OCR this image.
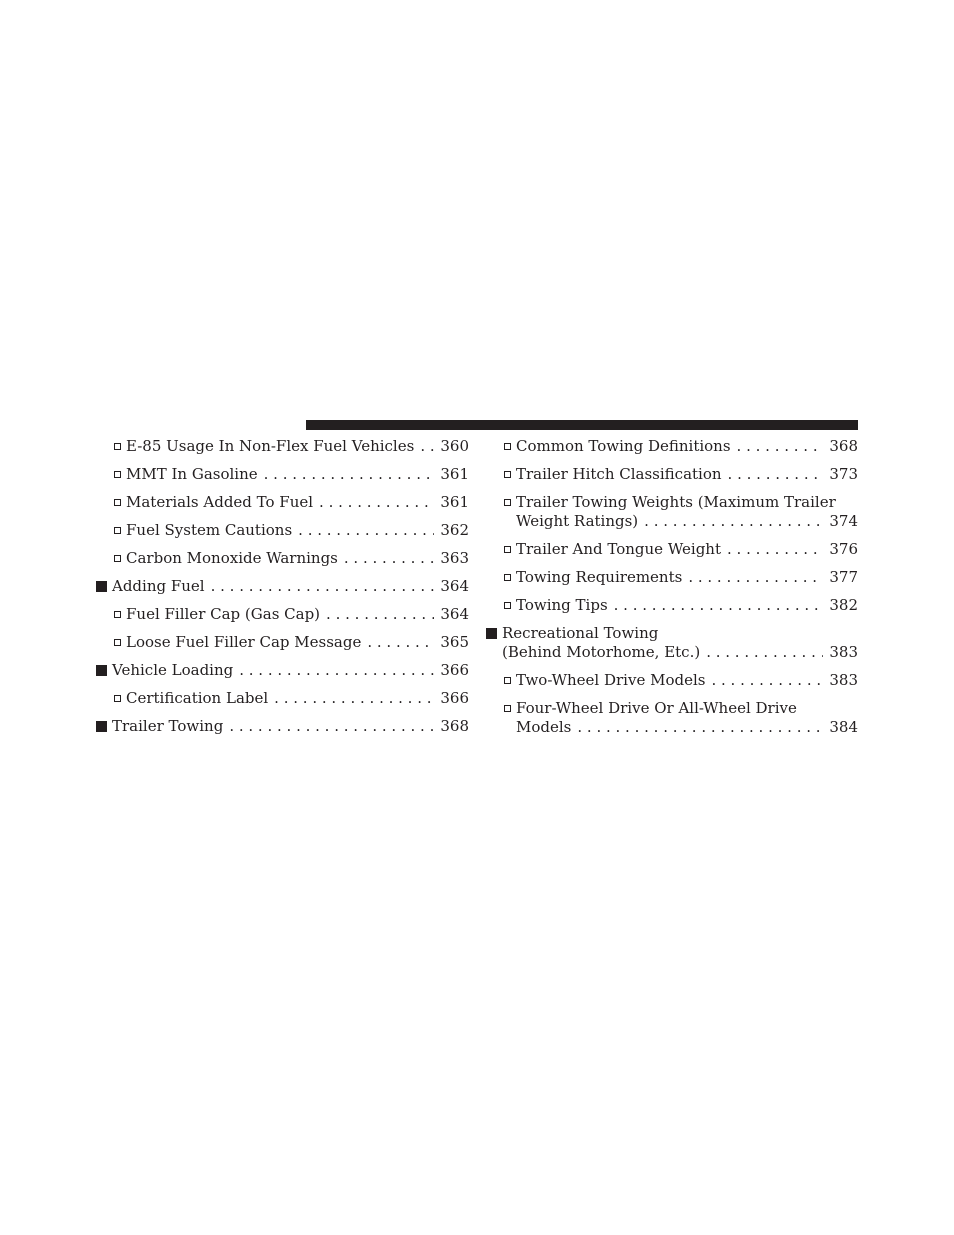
E-85 Usage In Non-Flex Fuel Vehicles . . . 360
MMT In Gasoline . . .	361
Materials Added To Fuel . . .	361
Fuel System Cautions . . .	362
Carbon Monoxide Warnings . . .	363
Adding Fuel . . .	364
Fuel Filler Cap (Gas Cap) . . .	364
Loose Fuel Filler Cap Message . . .	365
Vehicle Loading . . .	366
Certification Label . . .	366
Trailer Towing . . .	368
Common Towing Definitions . . .	368
Trailer Hitch Classification . . .	373
Trailer Towing Weights (Maximum Trailer
Weight Ratings) . . .	374
Trailer And Tongue Weight . . .	376
Towing Requirements . . .	377
Towing Tips . . .	382
Recreational Towing
(Behind Motorhome, Etc.) . . .	383
Two-Wheel Drive Models . . .	383
Four-Wheel Drive Or All-Wheel Drive
Models . . .	384
